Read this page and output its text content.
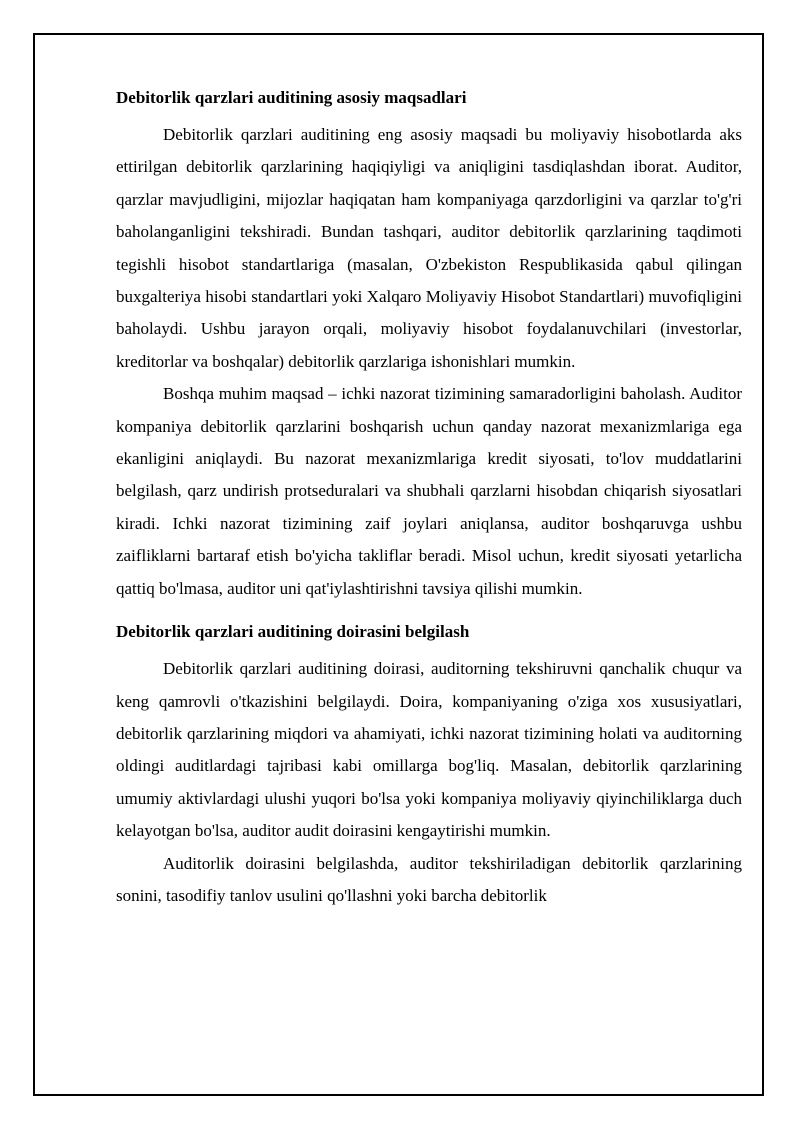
Debitorlik qarzlari auditining asosiy maqsadlari

Debitorlik qarzlari auditining eng asosiy maqsadi bu moliyaviy hisobotlarda aks ettirilgan debitorlik qarzlarining haqiqiyligi va aniqligini tasdiqlashdan iborat. Auditor, qarzlar mavjudligini, mijozlar haqiqatan ham kompaniyaga qarzdorligini va qarzlar to'g'ri baholanganligini tekshiradi. Bundan tashqari, auditor debitorlik qarzlarining taqdimoti tegishli hisobot standartlariga (masalan, O'zbekiston Respublikasida qabul qilingan buxgalteriya hisobi standartlari yoki Xalqaro Moliyaviy Hisobot Standartlari) muvofiqligini baholaydi. Ushbu jarayon orqali, moliyaviy hisobot foydalanuvchilari (investorlar, kreditorlar va boshqalar) debitorlik qarzlariga ishonishlari mumkin.

Boshqa muhim maqsad – ichki nazorat tizimining samaradorligini baholash. Auditor kompaniya debitorlik qarzlarini boshqarish uchun qanday nazorat mexanizmlariga ega ekanligini aniqlaydi. Bu nazorat mexanizmlariga kredit siyosati, to'lov muddatlarini belgilash, qarz undirish protseduralari va shubhali qarzlarni hisobdan chiqarish siyosatlari kiradi. Ichki nazorat tizimining zaif joylari aniqlansa, auditor boshqaruvga ushbu zaifliklarni bartaraf etish bo'yicha takliflar beradi. Misol uchun, kredit siyosati yetarlicha qattiq bo'lmasa, auditor uni qat'iylashtirishni tavsiya qilishi mumkin.

Debitorlik qarzlari auditining doirasini belgilash

Debitorlik qarzlari auditining doirasi, auditorning tekshiruvni qanchalik chuqur va keng qamrovli o'tkazishini belgilaydi. Doira, kompaniyaning o'ziga xos xususiyatlari, debitorlik qarzlarining miqdori va ahamiyati, ichki nazorat tizimining holati va auditorning oldingi auditlardagi tajribasi kabi omillarga bog'liq. Masalan, debitorlik qarzlarining umumiy aktivlardagi ulushi yuqori bo'lsa yoki kompaniya moliyaviy qiyinchiliklarga duch kelayotgan bo'lsa, auditor audit doirasini kengaytirishi mumkin.

Auditorlik doirasini belgilashda, auditor tekshiriladigan debitorlik qarzlarining sonini, tasodifiy tanlov usulini qo'llashni yoki barcha debitorlik
